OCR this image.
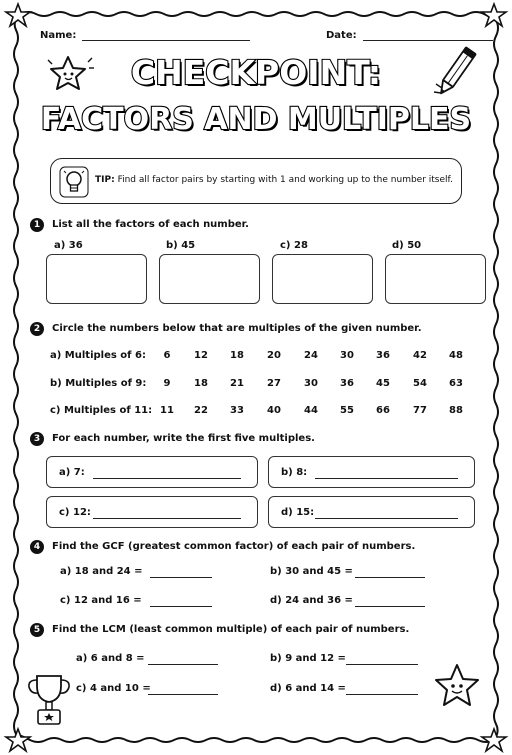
Name:	Date:
CHECKPOINT:
FACTORS AND MULTIPLES
TIP: Find all factor pairs by starting with 1 and working up to the number itself.
1	List all the factors of each number.
a) 36	b) 45	c) 28	d) 50
2	Circle the numbers below that are multiples of the given number.
a) Multiples of 6:	6	12	18	20	24	30	36	42	48
b) Multiples of 9:	9	18	21	27	30	36	45	54	63
c) Multiples of 11: 11	22	33	40	44	55	66	77	88
3	For each number, write the first five multiples.
a) 7:	b) 8:
c) 12:	d) 15:
4	Find the GCF (greatest common factor) of each pair of numbers.
a) 18 and 24 =	b) 30 and 45 =
c) 12 and 16 =	d) 24 and 36 =
5	Find the LCM (least common multiple) of each pair of numbers.
a) 6 and 8 =	b) 9 and 12 =
c) 4 and 10 =	d) 6 and 14 =
